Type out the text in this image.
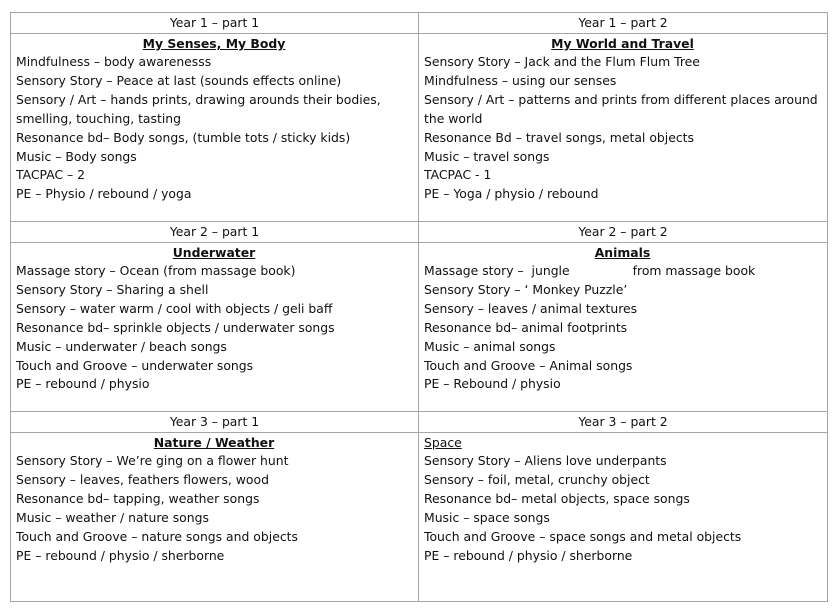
Year 1 – part 1
My Senses, My Body
Mindfulness – body awarenesss
Sensory Story – Peace at last (sounds effects online)
Sensory / Art – hands prints, drawing arounds their bodies, smelling, touching, tasting
Resonance bd– Body songs, (tumble tots / sticky kids)
Music – Body songs
TACPAC – 2
PE – Physio / rebound / yoga
Year 1 – part 2
My World and Travel
Sensory Story – Jack and the Flum Flum Tree
Mindfulness – using our senses
Sensory / Art – patterns and prints from different places around the world
Resonance Bd – travel songs, metal objects
Music – travel songs
TACPAC - 1
PE – Yoga / physio / rebound
Year 2 – part 1
Underwater
Massage story – Ocean (from massage book)
Sensory Story – Sharing a shell
Sensory – water warm / cool with objects / geli baff
Resonance bd– sprinkle objects / underwater songs
Music – underwater / beach songs
Touch and Groove – underwater songs
PE – rebound / physio
Year 2 – part 2
Animals
Massage story –  jungle                from massage book
Sensory Story – ‘ Monkey Puzzle’
Sensory – leaves / animal textures
Resonance bd– animal footprints
Music – animal songs
Touch and Groove – Animal songs
PE – Rebound / physio
Year 3 – part 1
Nature / Weather
Sensory Story – We’re ging on a flower hunt
Sensory – leaves, feathers flowers, wood
Resonance bd– tapping, weather songs
Music – weather / nature songs
Touch and Groove – nature songs and objects
PE – rebound / physio / sherborne
Year 3 – part 2
Space
Sensory Story – Aliens love underpants
Sensory – foil, metal, crunchy object
Resonance bd– metal objects, space songs
Music – space songs
Touch and Groove – space songs and metal objects
PE – rebound / physio / sherborne
